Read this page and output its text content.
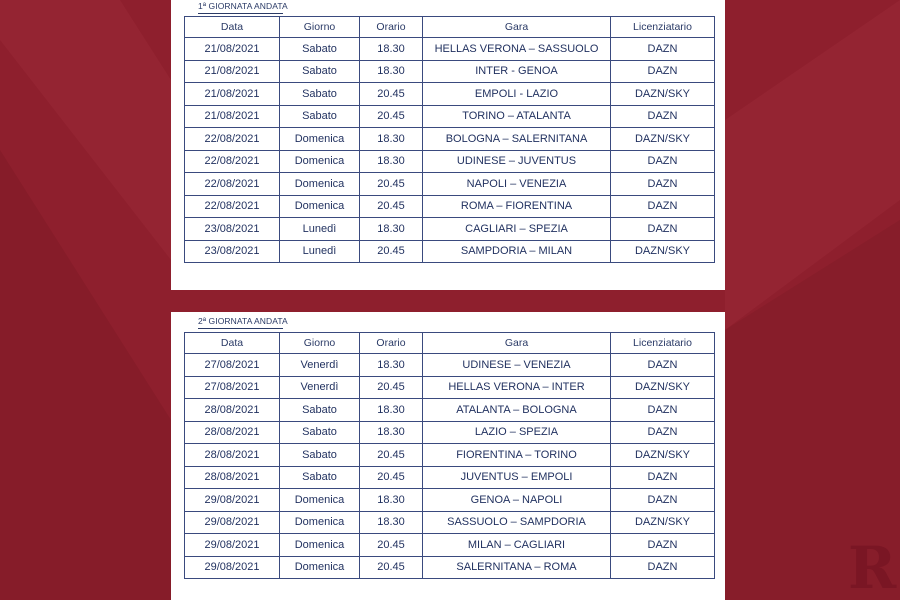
1ª GIORNATA ANDATA
Data	Giorno	Orario	Gara	Licenziatario
21/08/2021	Sabato	18.30	HELLAS VERONA – SASSUOLO	DAZN
21/08/2021	Sabato	18.30	INTER - GENOA	DAZN
21/08/2021	Sabato	20.45	EMPOLI - LAZIO	DAZN/SKY
21/08/2021	Sabato	20.45	TORINO – ATALANTA	DAZN
22/08/2021	Domenica	18.30	BOLOGNA – SALERNITANA	DAZN/SKY
22/08/2021	Domenica	18.30	UDINESE – JUVENTUS	DAZN
22/08/2021	Domenica	20.45	NAPOLI – VENEZIA	DAZN
22/08/2021	Domenica	20.45	ROMA – FIORENTINA	DAZN
23/08/2021	Lunedì	18.30	CAGLIARI – SPEZIA	DAZN
23/08/2021	Lunedì	20.45	SAMPDORIA – MILAN	DAZN/SKY
2ª GIORNATA ANDATA
Data	Giorno	Orario	Gara	Licenziatario
27/08/2021	Venerdì	18.30	UDINESE – VENEZIA	DAZN
27/08/2021	Venerdì	20.45	HELLAS VERONA – INTER	DAZN/SKY
28/08/2021	Sabato	18.30	ATALANTA – BOLOGNA	DAZN
28/08/2021	Sabato	18.30	LAZIO – SPEZIA	DAZN
28/08/2021	Sabato	20.45	FIORENTINA – TORINO	DAZN/SKY
28/08/2021	Sabato	20.45	JUVENTUS – EMPOLI	DAZN
29/08/2021	Domenica	18.30	GENOA – NAPOLI	DAZN
29/08/2021	Domenica	18.30	SASSUOLO – SAMPDORIA	DAZN/SKY
29/08/2021	Domenica	20.45	MILAN – CAGLIARI	DAZN
29/08/2021	Domenica	20.45	SALERNITANA – ROMA	DAZN	R
